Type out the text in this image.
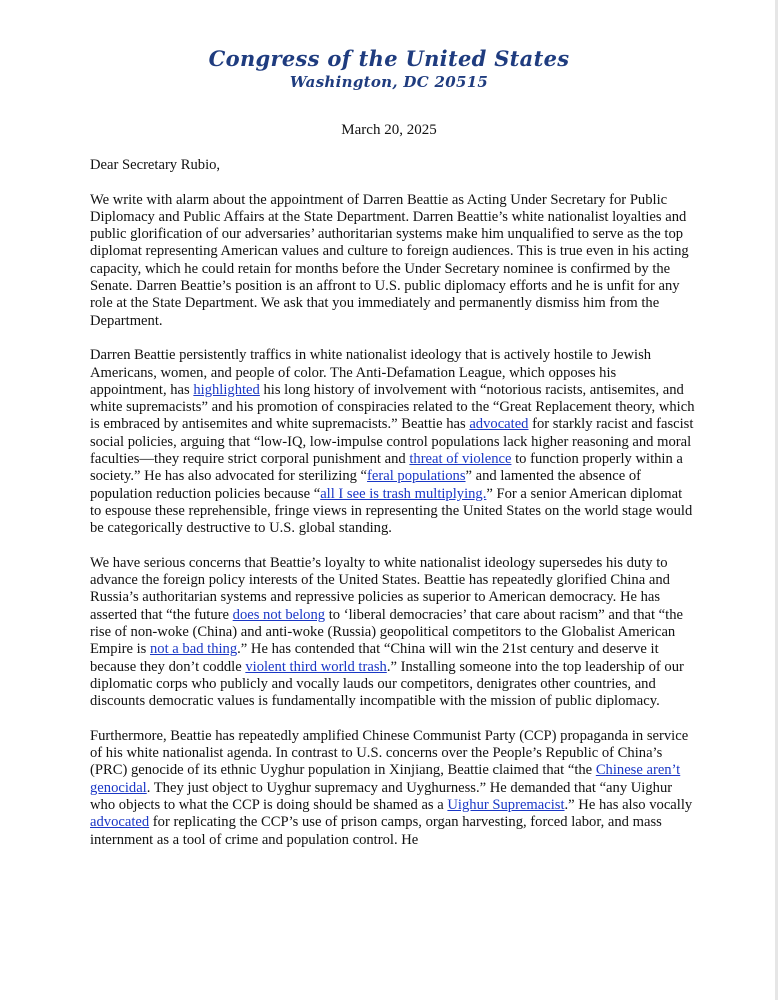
Congress of the United States
Washington, DC 20515
March 20, 2025

Dear Secretary Rubio,

We write with alarm about the appointment of Darren Beattie as Acting Under Secretary for Public Diplomacy and Public Affairs at the State Department. Darren Beattie’s white nationalist loyalties and public glorification of our adversaries’ authoritarian systems make him unqualified to serve as the top diplomat representing American values and culture to foreign audiences. This is true even in his acting capacity, which he could retain for months before the Under Secretary nominee is confirmed by the Senate. Darren Beattie’s position is an affront to U.S. public diplomacy efforts and he is unfit for any role at the State Department. We ask that you immediately and permanently dismiss him from the Department.

Darren Beattie persistently traffics in white nationalist ideology that is actively hostile to Jewish Americans, women, and people of color. The Anti-Defamation League, which opposes his appointment, has highlighted his long history of involvement with “notorious racists, antisemites, and white supremacists” and his promotion of conspiracies related to the “Great Replacement theory, which is embraced by antisemites and white supremacists.” Beattie has advocated for starkly racist and fascist social policies, arguing that “low-IQ, low-impulse control populations lack higher reasoning and moral faculties—they require strict corporal punishment and threat of violence to function properly within a society.” He has also advocated for sterilizing “feral populations” and lamented the absence of population reduction policies because “all I see is trash multiplying.” For a senior American diplomat to espouse these reprehensible, fringe views in representing the United States on the world stage would be categorically destructive to U.S. global standing.

We have serious concerns that Beattie’s loyalty to white nationalist ideology supersedes his duty to advance the foreign policy interests of the United States. Beattie has repeatedly glorified China and Russia’s authoritarian systems and repressive policies as superior to American democracy. He has asserted that “the future does not belong to ‘liberal democracies’ that care about racism” and that “the rise of non-woke (China) and anti-woke (Russia) geopolitical competitors to the Globalist American Empire is not a bad thing.” He has contended that “China will win the 21st century and deserve it because they don’t coddle violent third world trash.” Installing someone into the top leadership of our diplomatic corps who publicly and vocally lauds our competitors, denigrates other countries, and discounts democratic values is fundamentally incompatible with the mission of public diplomacy.

Furthermore, Beattie has repeatedly amplified Chinese Communist Party (CCP) propaganda in service of his white nationalist agenda. In contrast to U.S. concerns over the People’s Republic of China’s (PRC) genocide of its ethnic Uyghur population in Xinjiang, Beattie claimed that “the Chinese aren’t genocidal. They just object to Uyghur supremacy and Uyghurness.” He demanded that “any Uighur who objects to what the CCP is doing should be shamed as a Uighur Supremacist.” He has also vocally advocated for replicating the CCP’s use of prison camps, organ harvesting, forced labor, and mass internment as a tool of crime and population control. He
